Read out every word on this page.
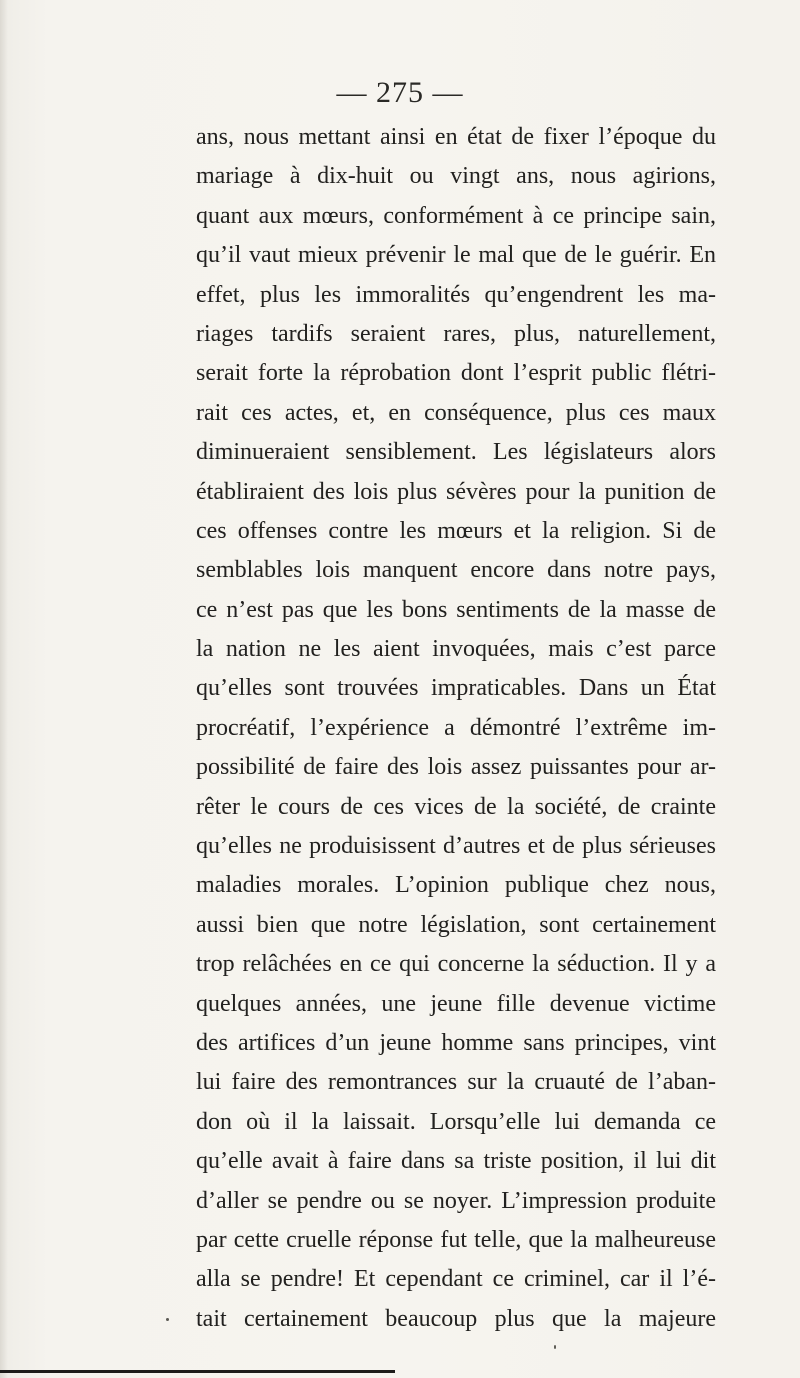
— 275 —
ans, nous mettant ainsi en état de fixer l’époque du
mariage à dix-huit ou vingt ans, nous agirions,
quant aux mœurs, conformément à ce principe sain,
qu’il vaut mieux prévenir le mal que de le guérir. En
effet, plus les immoralités qu’engendrent les ma-
riages tardifs seraient rares, plus, naturellement,
serait forte la réprobation dont l’esprit public flétri-
rait ces actes, et, en conséquence, plus ces maux
diminueraient sensiblement. Les législateurs alors
établiraient des lois plus sévères pour la punition de
ces offenses contre les mœurs et la religion. Si de
semblables lois manquent encore dans notre pays,
ce n’est pas que les bons sentiments de la masse de
la nation ne les aient invoquées, mais c’est parce
qu’elles sont trouvées impraticables. Dans un État
procréatif, l’expérience a démontré l’extrême im-
possibilité de faire des lois assez puissantes pour ar-
rêter le cours de ces vices de la société, de crainte
qu’elles ne produisissent d’autres et de plus sérieuses
maladies morales. L’opinion publique chez nous,
aussi bien que notre législation, sont certainement
trop relâchées en ce qui concerne la séduction. Il y a
quelques années, une jeune fille devenue victime
des artifices d’un jeune homme sans principes, vint
lui faire des remontrances sur la cruauté de l’aban-
don où il la laissait. Lorsqu’elle lui demanda ce
qu’elle avait à faire dans sa triste position, il lui dit
d’aller se pendre ou se noyer. L’impression produite
par cette cruelle réponse fut telle, que la malheureuse
alla se pendre! Et cependant ce criminel, car il l’é-
tait certainement beaucoup plus que la majeure
